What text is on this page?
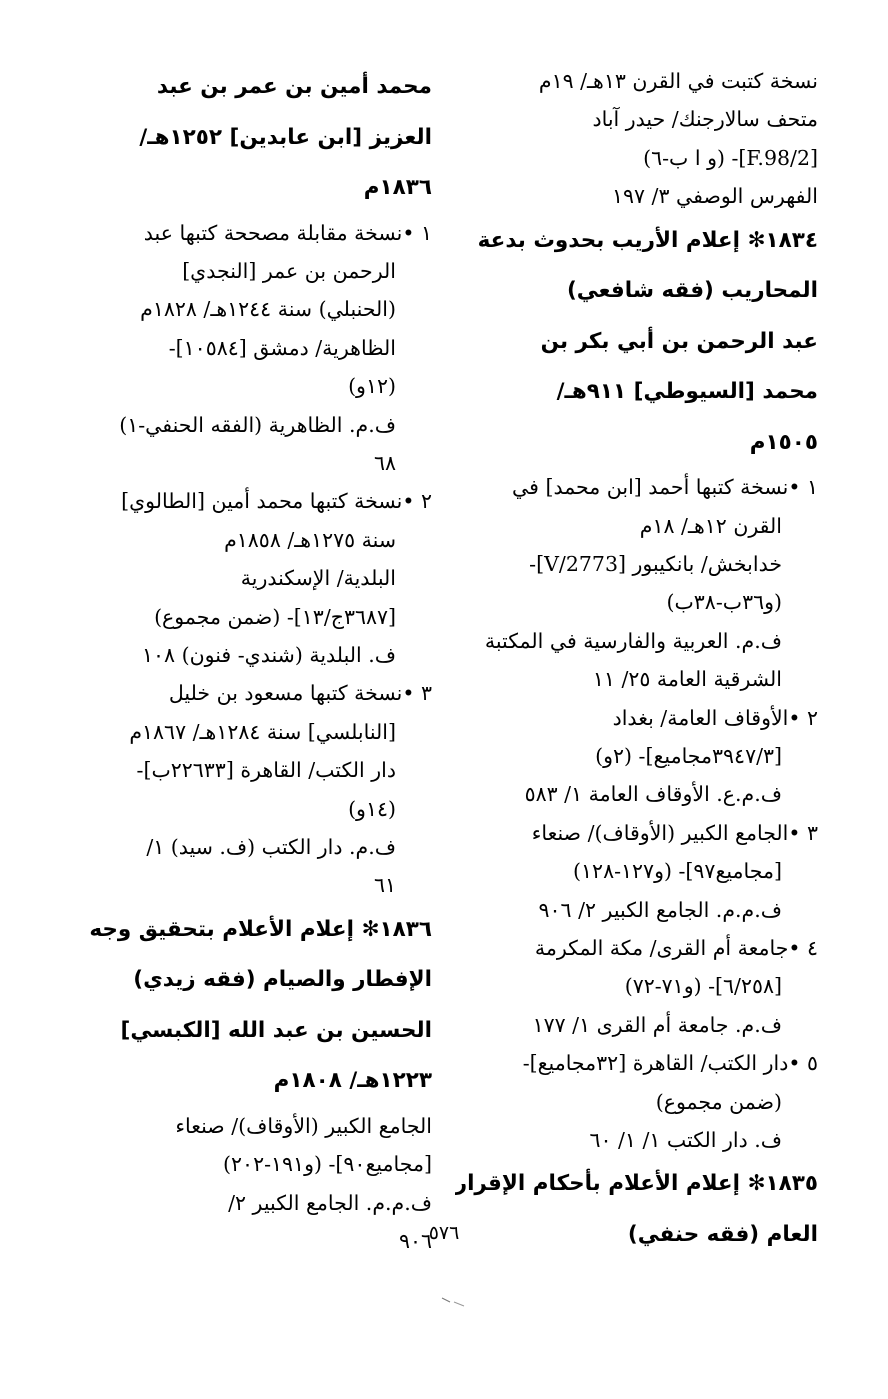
نسخة كتبت في القرن ١٣هـ/ ١٩م
متحف سالارجنك/ حيدر آباد
[F.98/2]- (و ا ب-٦)
الفهرس الوصفي ٣/ ١٩٧
١٨٣٤✻
إعلام الأريب بحدوث بدعة
المحاريب (فقه شافعي)
عبد الرحمن بن أبي بكر بن
محمد [السيوطي] ٩١١هـ/
١٥٠٥م
١ •
نسخة كتبها أحمد [ابن محمد] في
القرن ١٢هـ/ ١٨م
خدابخش/ بانكيبور [2773/V]-
(و٣٦ب-٣٨ب)
ف.م. العربية والفارسية في المكتبة
الشرقية العامة ٢٥/ ١١
٢ •
الأوقاف العامة/ بغداد
[٣٩٤٧/٣مجاميع]- (٢و)
ف.م.ع. الأوقاف العامة ١/ ٥٨٣
٣ •
الجامع الكبير (الأوقاف)/ صنعاء
[مجاميع٩٧]- (و١٢٧-١٢٨)
ف.م.م. الجامع الكبير ٢/ ٩٠٦
٤ •
جامعة أم القرى/ مكة المكرمة
[٦/٢٥٨]- (و٧١-٧٢)
ف.م. جامعة أم القرى ١/ ١٧٧
٥ •
دار الكتب/ القاهرة [٣٢مجاميع]-
(ضمن مجموع)
ف. دار الكتب ١/ ١/ ٦٠
١٨٣٥✻
إعلام الأعلام بأحكام الإقرار
العام (فقه حنفي)
محمد أمين بن عمر بن عبد
العزيز [ابن عابدين] ١٢٥٢هـ/
١٨٣٦م
١ •
نسخة مقابلة مصححة كتبها عبد
الرحمن بن عمر [النجدي]
(الحنبلي) سنة ١٢٤٤هـ/ ١٨٢٨م
الظاهرية/ دمشق [١٠٥٨٤]-
(١٢و)
ف.م. الظاهرية (الفقه الحنفي-١)
٦٨
٢ •
نسخة كتبها محمد أمين [الطالوي]
سنة ١٢٧٥هـ/ ١٨٥٨م
البلدية/ الإسكندرية
[٣٦٨٧ج/١٣]- (ضمن مجموع)
ف. البلدية (شندي- فنون) ١٠٨
٣ •
نسخة كتبها مسعود بن خليل
[النابلسي] سنة ١٢٨٤هـ/ ١٨٦٧م
دار الكتب/ القاهرة [٢٢٦٣٣ب]-
(١٤و)
ف.م. دار الكتب (ف. سيد) ١/
٦١
١٨٣٦✻
إعلام الأعلام بتحقيق وجه
الإفطار والصيام (فقه زيدي)
الحسين بن عبد الله [الكبسي]
١٢٢٣هـ/ ١٨٠٨م
الجامع الكبير (الأوقاف)/ صنعاء
[مجاميع٩٠]- (و١٩١-٢٠٢)
ف.م.م. الجامع الكبير ٢/
٩٠٦
٥٧٦
